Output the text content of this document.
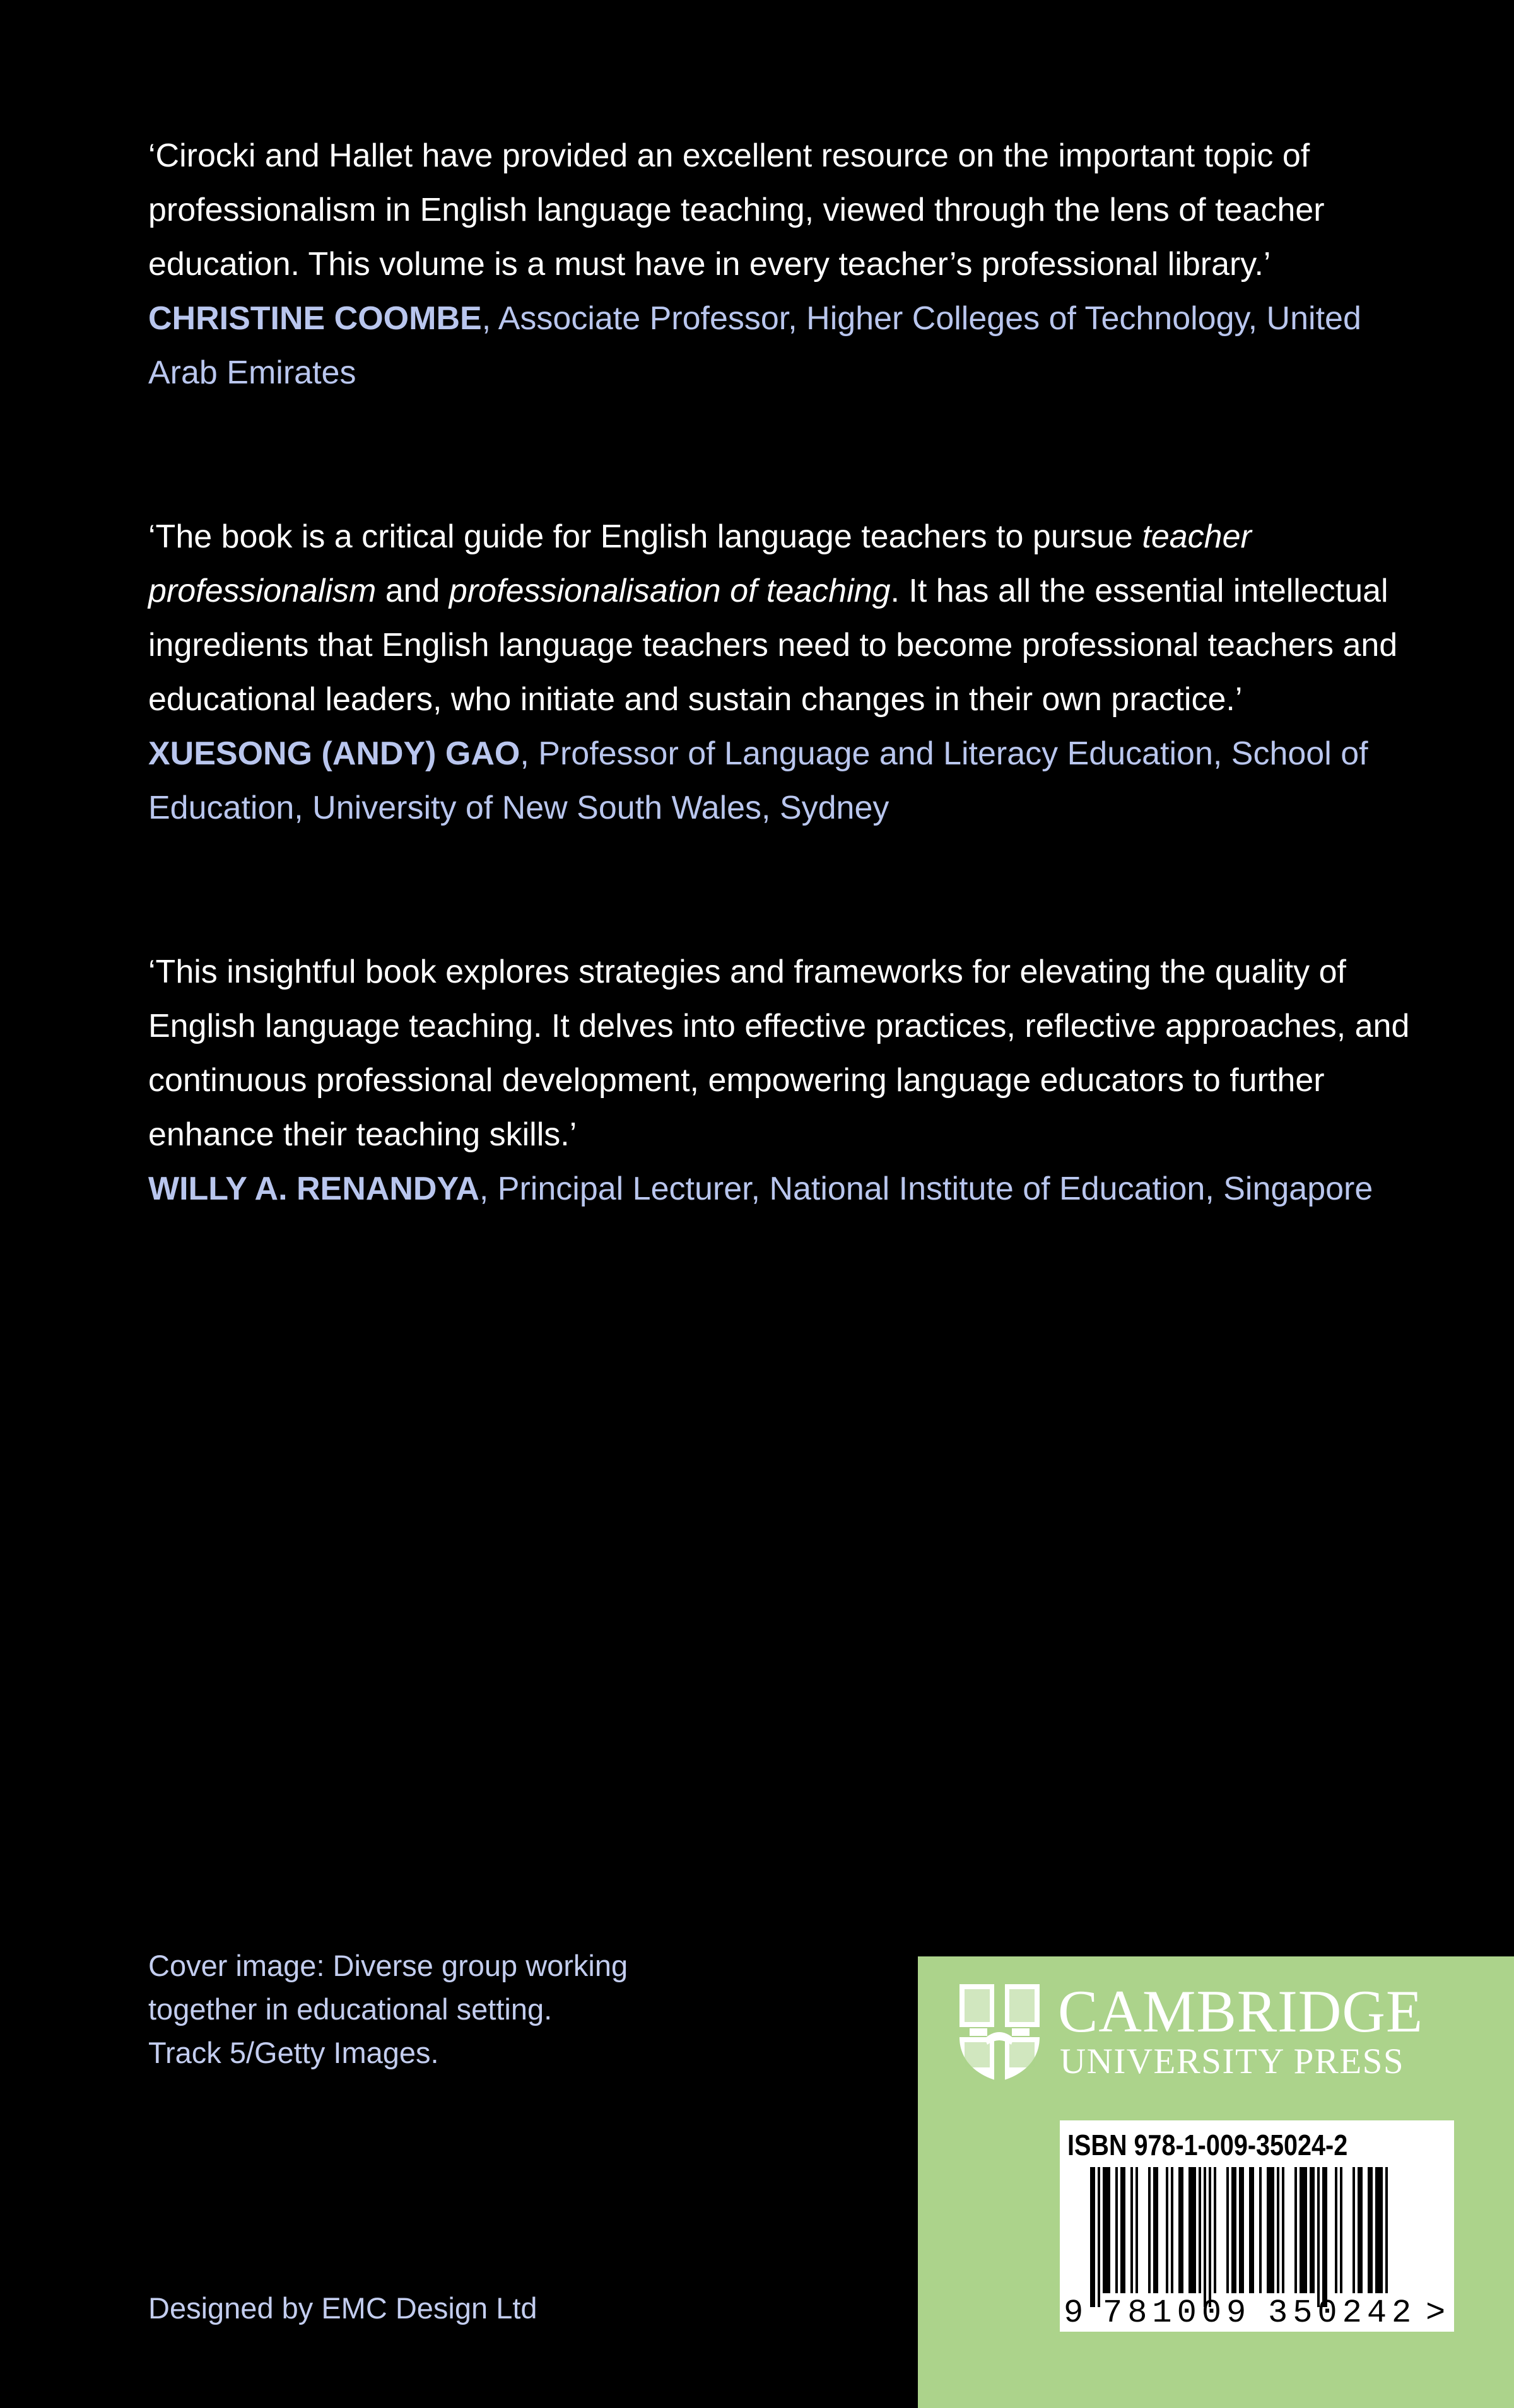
‘Cirocki and Hallet have provided an excellent resource on the important topic of professionalism in English language teaching, viewed through the lens of teacher education. This volume is a must have in every teacher’s professional library.’

CHRISTINE COOMBE, Associate Professor, Higher Colleges of Technology, United Arab Emirates

‘The book is a critical guide for English language teachers to pursue teacher professionalism and professionalisation of teaching. It has all the essential intellectual ingredients that English language teachers need to become professional teachers and educational leaders, who initiate and sustain changes in their own practice.’

XUESONG (ANDY) GAO, Professor of Language and Literacy Education, School of Education, University of New South Wales, Sydney

‘This insightful book explores strategies and frameworks for elevating the quality of English language teaching. It delves into effective practices, reflective approaches, and continuous professional development, empowering language educators to further enhance their teaching skills.’

WILLY A. RENANDYA, Principal Lecturer, National Institute of Education, Singapore

Cover image: Diverse group working
together in educational setting.
Track 5/Getty Images.
Designed by EMC Design Ltd
CAMBRIDGE
UNIVERSITY PRESS
ISBN 978-1-009-35024-2
9 781009 350242 >
